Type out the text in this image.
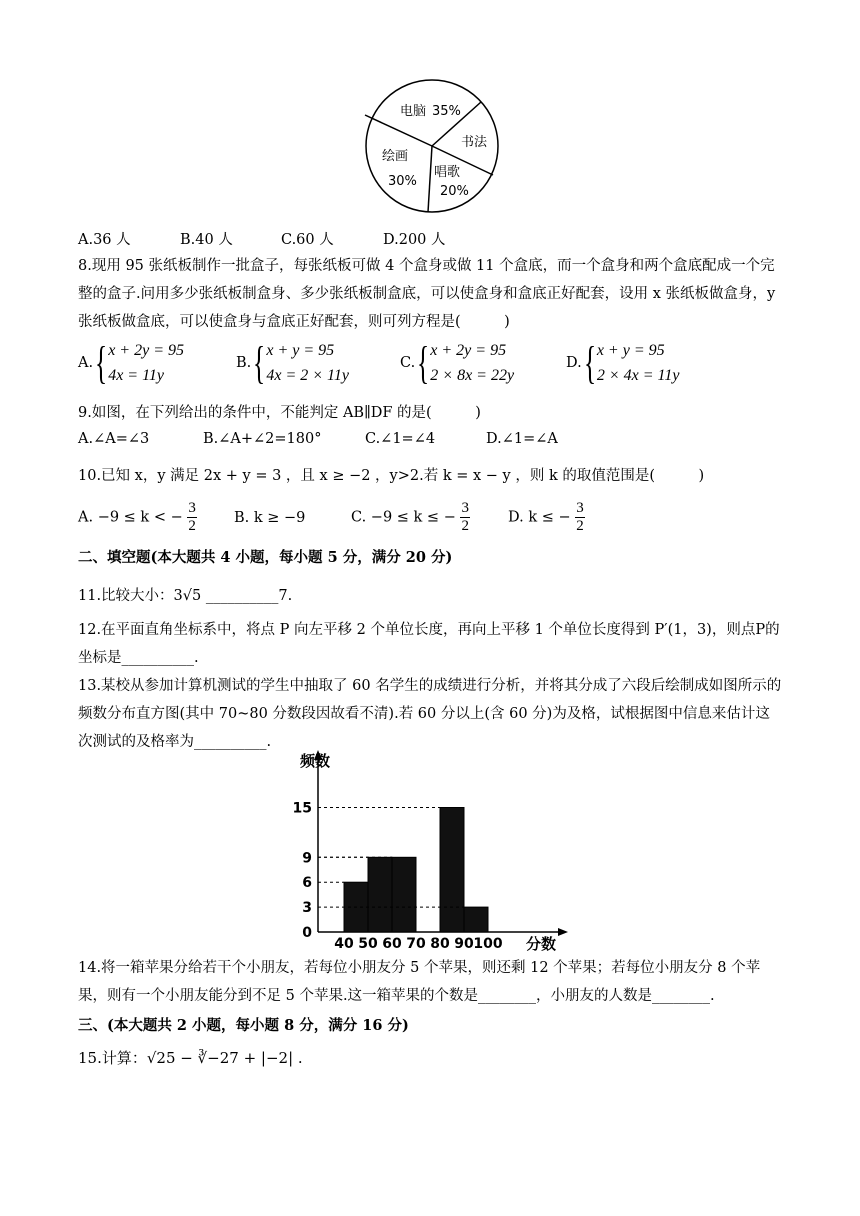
电脑 35%
书法
唱歌
20%
绘画
30%
A.36 人	B.40 人	C.60 人	D.200 人
8.现用 95 张纸板制作一批盒子，每张纸板可做 4 个盒身或做 11 个盒底，而一个盒身和两个盒底配成一个完整的盒子.问用多少张纸板制盒身、多少张纸板制盒底，可以使盒身和盒底正好配套，设用 x 张纸板做盒身，y 张纸板做盒底，可以使盒身与盒底正好配套，则可列方程是(　　　)
A. { x + 2y = 95
4x = 11y
B. { x + y = 95
4x = 2 × 11y
C. { x + 2y = 95
2 × 8x = 22y
D. { x + y = 95
2 × 4x = 11y
9.如图，在下列给出的条件中，不能判定 AB∥DF 的是(　　　)
A.∠A=∠3	B.∠A+∠2=180°	C.∠1=∠4	D.∠1=∠A
10.已知 x，y 满足 2x + y = 3 ，且 x ≥ −2 ，y>2.若 k = x − y ，则 k 的取值范围是(　　　)
A. −9 ≤ k < − $\frac{3}{2}$	B. k ≥ −9	C. −9 ≤ k ≤ − $\frac{3}{2}$	D. k ≤ − $\frac{3}{2}$
二、填空题(本大题共 4 小题，每小题 5 分，满分 20 分)
11.比较大小：3√5 __________7.
12.在平面直角坐标系中，将点 P 向左平移 2 个单位长度，再向上平移 1 个单位长度得到 P′(1，3)，则点P的坐标是__________.
13.某校从参加计算机测试的学生中抽取了 60 名学生的成绩进行分析，并将其分成了六段后绘制成如图所示的频数分布直方图(其中 70~80 分数段因故看不清).若 60 分以上(含 60 分)为及格，试根据图中信息来估计这次测试的及格率为__________.
频数
分数
0
3
6
9
15
40 50 60 70 80 90 100
14.将一箱苹果分给若干个小朋友，若每位小朋友分 5 个苹果，则还剩 12 个苹果；若每位小朋友分 8 个苹果，则有一个小朋友能分到不足 5 个苹果.这一箱苹果的个数是________，小朋友的人数是________.
三、(本大题共 2 小题，每小题 8 分，满分 16 分)
15.计算：√25 − ∛−27 + |−2| .
